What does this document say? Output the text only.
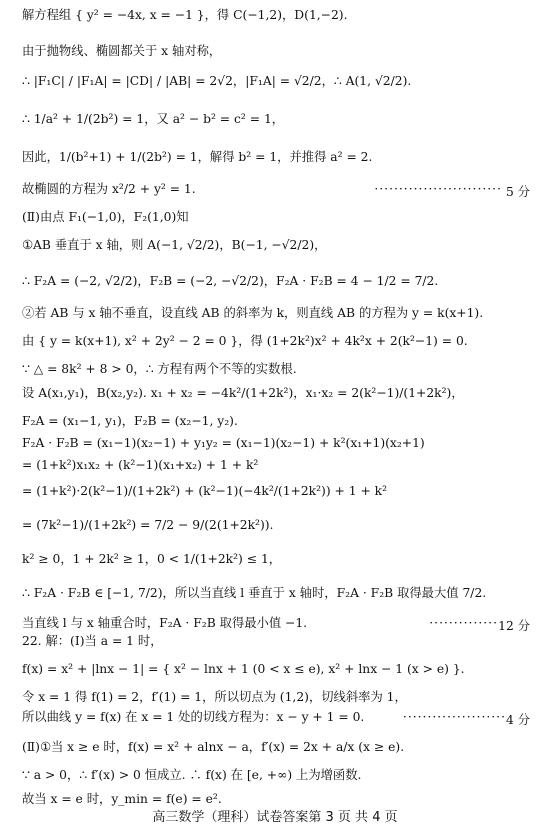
解方程组 { y² = −4x, x = −1 }，得 C(−1,2)，D(1,−2).
由于抛物线、椭圆都关于 x 轴对称，
∴ |F₁C| / |F₁A| = |CD| / |AB| = 2√2，|F₁A| = √2/2，∴ A(1, √2/2).
∴ 1/a² + 1/(2b²) = 1，又 a² − b² = c² = 1，
因此，1/(b²+1) + 1/(2b²) = 1，解得 b² = 1，并推得 a² = 2.
故椭圆的方程为 x²/2 + y² = 1.	·························· 5 分
(Ⅱ)由点 F₁(−1,0)，F₂(1,0)知
①AB 垂直于 x 轴，则 A(−1, √2/2)，B(−1, −√2/2)，
∴ F₂A = (−2, √2/2)，F₂B = (−2, −√2/2)，F₂A · F₂B = 4 − 1/2 = 7/2.
②若 AB 与 x 轴不垂直，设直线 AB 的斜率为 k，则直线 AB 的方程为 y = k(x+1).
由 { y = k(x+1), x² + 2y² − 2 = 0 }，得 (1+2k²)x² + 4k²x + 2(k²−1) = 0.
∵ △ = 8k² + 8 > 0，∴ 方程有两个不等的实数根.
设 A(x₁,y₁)，B(x₂,y₂). x₁ + x₂ = −4k²/(1+2k²)，x₁·x₂ = 2(k²−1)/(1+2k²)，
F₂A = (x₁−1, y₁)，F₂B = (x₂−1, y₂).
F₂A · F₂B = (x₁−1)(x₂−1) + y₁y₂ = (x₁−1)(x₂−1) + k²(x₁+1)(x₂+1)
= (1+k²)x₁x₂ + (k²−1)(x₁+x₂) + 1 + k²
= (1+k²)·2(k²−1)/(1+2k²) + (k²−1)(−4k²/(1+2k²)) + 1 + k²
= (7k²−1)/(1+2k²) = 7/2 − 9/(2(1+2k²)).
k² ≥ 0，1 + 2k² ≥ 1，0 < 1/(1+2k²) ≤ 1，
∴ F₂A · F₂B ∈ [−1, 7/2)，所以当直线 l 垂直于 x 轴时，F₂A · F₂B 取得最大值 7/2.
当直线 l 与 x 轴重合时，F₂A · F₂B 取得最小值 −1.	·············· 12 分
22. 解：(Ⅰ)当 a = 1 时，
f(x) = x² + |lnx − 1| = { x² − lnx + 1 (0 < x ≤ e), x² + lnx − 1 (x > e) }.
令 x = 1 得 f(1) = 2，f′(1) = 1，所以切点为 (1,2)，切线斜率为 1，
所以曲线 y = f(x) 在 x = 1 处的切线方程为：x − y + 1 = 0.	····················· 4 分
(Ⅱ)①当 x ≥ e 时，f(x) = x² + alnx − a，f′(x) = 2x + a/x (x ≥ e).
∵ a > 0，∴ f′(x) > 0 恒成立. ∴ f(x) 在 [e, +∞) 上为增函数.
故当 x = e 时，y_min = f(e) = e².
高三数学（理科）试卷答案第 3 页 共 4 页
